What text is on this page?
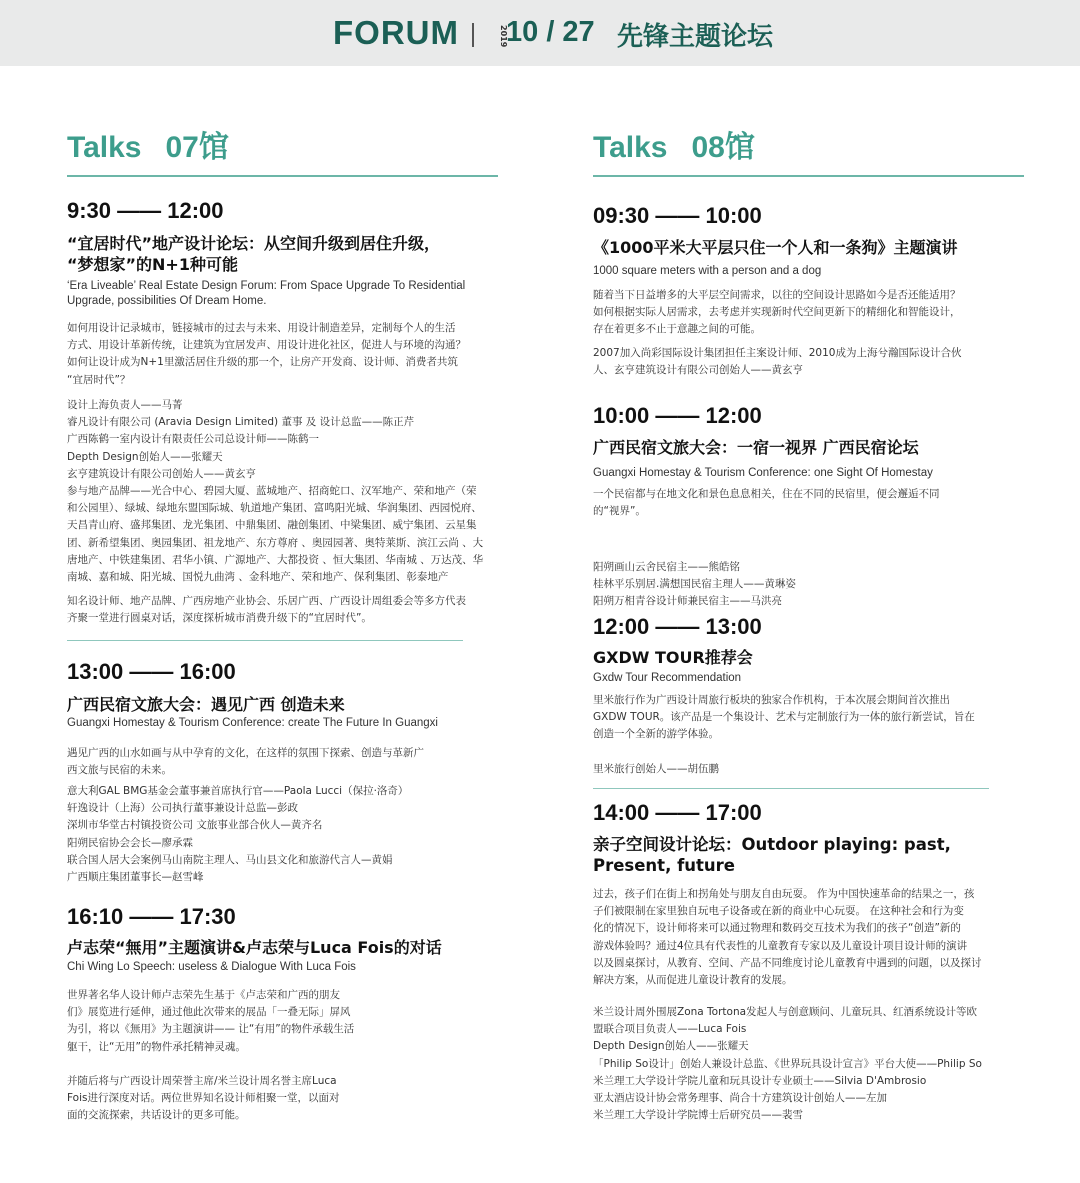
FORUM	2019
10 / 27 先锋主题论坛
Talks 07馆
9:30 —— 12:00
“宜居时代”地产设计论坛：从空间升级到居住升级，
“梦想家”的N+1种可能
‘Era Liveable’ Real Estate Design Forum: From Space Upgrade To Residential
Upgrade, possibilities Of Dream Home.

如何用设计记录城市，链接城市的过去与未来、用设计制造差异，定制每个人的生活

方式、用设计革新传统，让建筑为宜居发声、用设计进化社区，促进人与环境的沟通？

如何让设计成为N+1里激活居住升级的那一个，让房产开发商、设计师、消费者共筑

“宜居时代”？

设计上海负责人——马菁

睿凡设计有限公司 (Aravia Design Limited) 董事 及 设计总监——陈正芹

广西陈鹤一室内设计有限责任公司总设计师——陈鹤一

Depth Design创始人——张耀天

玄亨建筑设计有限公司创始人——黄玄亨

参与地产品牌——光合中心、碧园大厦、蓝城地产、招商蛇口、汉军地产、荣和地产（荣

和公园里）、绿城、绿地东盟国际城、轨道地产集团、富鸣阳光城、华润集团、西园悦府、

天昌青山府、盛邦集团、龙光集团、中鼎集团、融创集团、中梁集团、威宁集团、云星集

团、新希望集团、奥园集团、祖龙地产、东方尊府 、奥园园著、奥特莱斯、滨江云尚 、大

唐地产、中铁建集团、君华小镇、广源地产、大都投资 、恒大集团、华南城 、万达茂、华

南城、嘉和城、阳光城、国悦九曲湾 、金科地产、荣和地产、保利集团、彰泰地产

知名设计师、地产品牌、广西房地产业协会、乐居广西、广西设计周组委会等多方代表

齐聚一堂进行圆桌对话，深度探析城市消费升级下的“宜居时代”。

13:00 —— 16:00
广西民宿文旅大会：遇见广西 创造未来
Guangxi Homestay & Tourism Conference: create The Future In Guangxi

遇见广西的山水如画与从中孕育的文化，在这样的氛围下探索、创造与革新广

西文旅与民宿的未来。

意大利GAL BMG基金会董事兼首席执行官——Paola Lucci（保拉·洛奇）

轩逸设计（上海）公司执行董事兼设计总监—彭政

深圳市华堂古村镇投资公司 文旅事业部合伙人—黄齐名

阳朔民宿协会会长—廖承霖

联合国人居大会案例马山南院主理人、马山县文化和旅游代言人—黄娟

广西顺庄集团董事长—赵雪峰

16:10 —— 17:30
卢志荣“無用”主题演讲&卢志荣与Luca Fois的对话
Chi Wing Lo Speech: useless & Dialogue With Luca Fois

世界著名华人设计师卢志荣先生基于《卢志荣和广西的朋友

们》展览进行延伸，通过他此次带来的展品「一叠无际」屏风

为引，将以《無用》为主题演讲—— 让“有用”的物件承载生活

躯干，让“无用”的物件承托精神灵魂。

并随后将与广西设计周荣誉主席/米兰设计周名誉主席Luca

Fois进行深度对话。两位世界知名设计师相聚一堂，以面对

面的交流探索，共话设计的更多可能。

Talks 08馆
09:30 —— 10:00
《1000平米大平层只住一个人和一条狗》主题演讲
1000 square meters with a person and a dog

随着当下日益增多的大平层空间需求，以往的空间设计思路如今是否还能适用？

如何根据实际人居需求，去考虑并实现新时代空间更新下的精细化和智能设计，

存在着更多不止于意趣之间的可能。

2007加入尚彩国际设计集团担任主案设计师、2010成为上海兮瀚国际设计合伙

人、玄亨建筑设计有限公司创始人——黄玄亨

10:00 —— 12:00
广西民宿文旅大会：一宿一视界 广西民宿论坛
Guangxi Homestay & Tourism Conference: one Sight Of Homestay

一个民宿都与在地文化和景色息息相关，住在不同的民宿里，便会邂逅不同

的“视界”。

阳朔画山云舍民宿主——熊皓铭

桂林平乐别居.满想国民宿主理人——黄琳姿

阳朔万相青谷设计师兼民宿主——马洪亮

12:00 —— 13:00
GXDW TOUR推荐会
Gxdw Tour Recommendation

里米旅行作为广西设计周旅行板块的独家合作机构，于本次展会期间首次推出

GXDW TOUR。该产品是一个集设计、艺术与定制旅行为一体的旅行新尝试，旨在

创造一个全新的游学体验。

里米旅行创始人——胡伍鹏

14:00 —— 17:00
亲子空间设计论坛：Outdoor playing: past,
Present, future

过去，孩子们在街上和拐角处与朋友自由玩耍。 作为中国快速革命的结果之一，孩

子们被限制在家里独自玩电子设备或在新的商业中心玩耍。 在这种社会和行为变

化的情况下，设计师将来可以通过物理和数码交互技术为我们的孩子“创造”新的

游戏体验吗？通过4位具有代表性的儿童教育专家以及儿童设计项目设计师的演讲

以及圆桌探讨，从教育、空间、产品不同维度讨论儿童教育中遇到的问题，以及探讨

解决方案，从而促进儿童设计教育的发展。

米兰设计周外围展Zona Tortona发起人与创意顾问、儿童玩具、红酒系统设计等欧

盟联合项目负责人——Luca Fois

Depth Design创始人——张耀天

「Philip So设计」创始人兼设计总监、《世界玩具设计宣言》平台大使——Philip So

米兰理工大学设计学院儿童和玩具设计专业硕士——Silvia D'Ambrosio

亚太酒店设计协会常务理事、尚合十方建筑设计创始人——左加

米兰理工大学设计学院博士后研究员——裴雪
